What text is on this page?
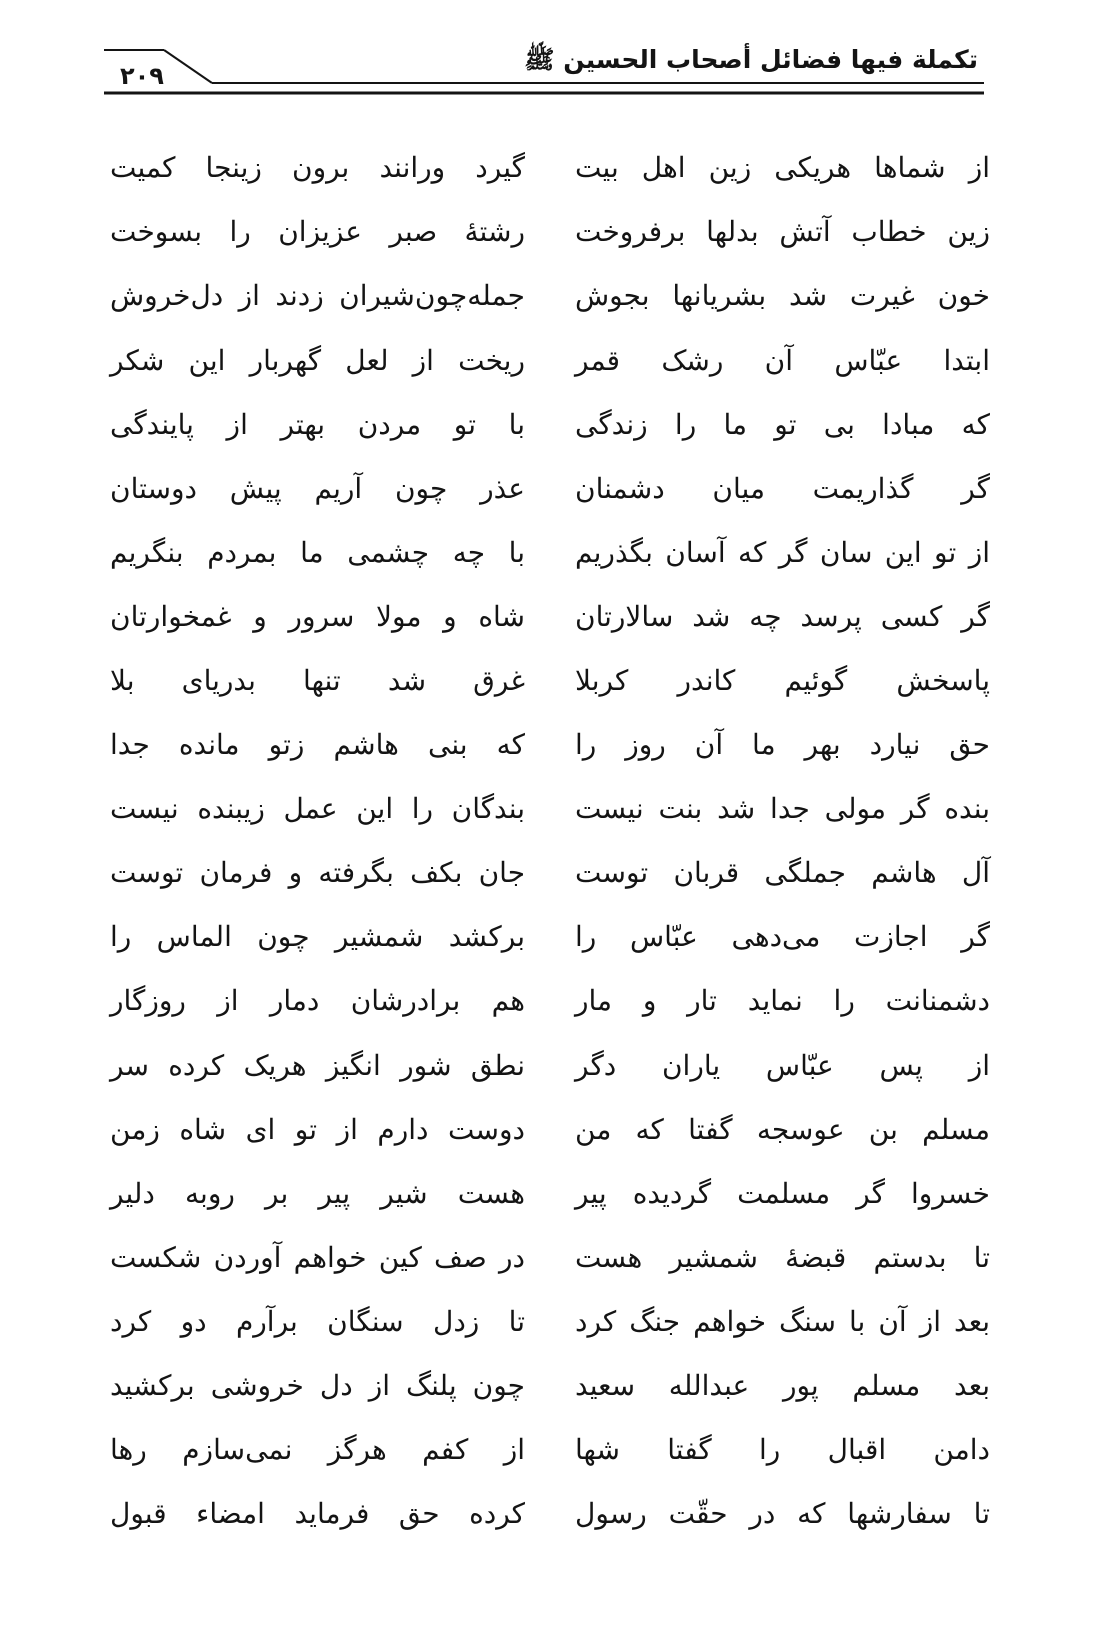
تكملة فيها فضائل أصحاب الحسين ﷺ
۲۰۹
از شماها هریکی زین اهل بیت
گیرد ورانند برون زینجا کمیت
زین خطاب آتش بدلها برفروخت
رشتهٔ صبر عزیزان را بسوخت
خون غیرت شد بشریانها بجوش
جمله‌چون‌شیران زدند از دل‌خروش
ابتدا عبّاس آن رشک قمر
ریخت از لعل گهربار این شکر
که مبادا بی تو ما را زندگی
با تو مردن بهتر از پایندگی
گر گذاریمت میان دشمنان
عذر چون آریم پیش دوستان
از تو این سان گر که آسان بگذریم
با چه چشمی ما بمردم بنگریم
گر کسی پرسد چه شد سالارتان
شاه و مولا سرور و غمخوارتان
پاسخش گوئیم کاندر کربلا
غرق شد تنها بدریای بلا
حق نیارد بهر ما آن روز را
که بنی هاشم زتو مانده جدا
بنده گر مولی جدا شد بنت نیست
بندگان را این عمل زیبنده نیست
آل هاشم جملگی قربان توست
جان بکف بگرفته و فرمان توست
گر اجازت می‌دهی عبّاس را
برکشد شمشیر چون الماس را
دشمنانت را نماید تار و مار
هم برادرشان دمار از روزگار
از پس عبّاس یاران دگر
نطق شور انگیز هریک کرده سر
مسلم بن عوسجه گفتا که من
دوست دارم از تو ای شاه زمن
خسروا گر مسلمت گردیده پیر
هست شیر پیر بر روبه دلیر
تا بدستم قبضهٔ شمشیر هست
در صف کین خواهم آوردن شکست
بعد از آن با سنگ خواهم جنگ کرد
تا زدل سنگان برآرم دو کرد
بعد مسلم پور عبدالله سعید
چون پلنگ از دل خروشی برکشید
دامن اقبال را گفتا شها
از کفم هرگز نمی‌سازم رها
تا سفارشها که در حقّت رسول
کرده حق فرماید امضاء قبول
